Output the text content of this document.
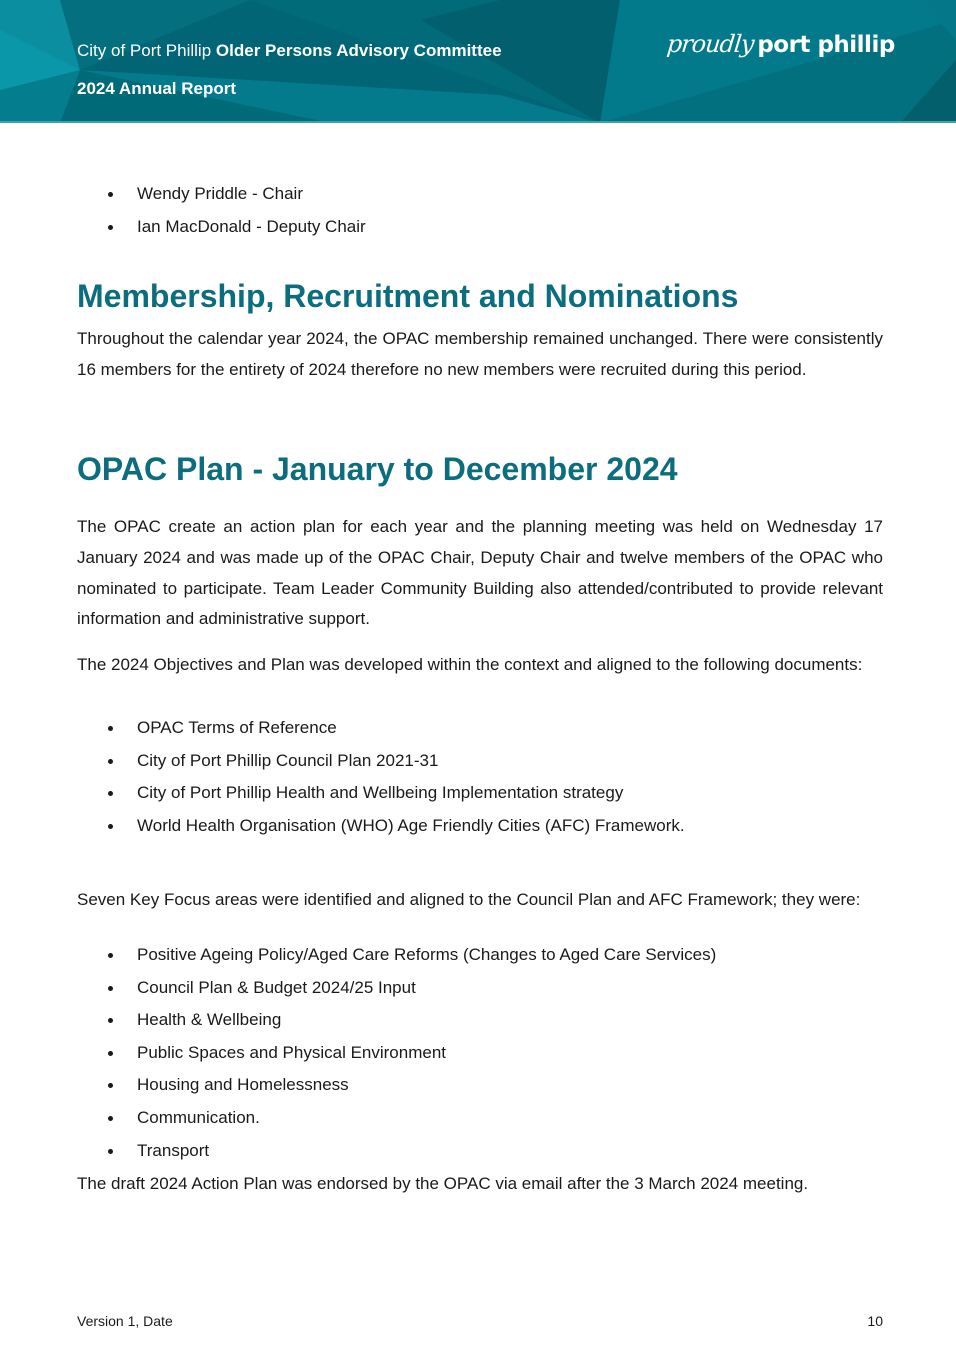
City of Port Phillip Older Persons Advisory Committee
2024 Annual Report
proudly port phillip
Wendy Priddle - Chair
Ian MacDonald - Deputy Chair
Membership, Recruitment and Nominations

Throughout the calendar year 2024, the OPAC membership remained unchanged. There were consistently 16 members for the entirety of 2024 therefore no new members were recruited during this period.

OPAC Plan - January to December 2024

The OPAC create an action plan for each year and the planning meeting was held on Wednesday 17 January 2024 and was made up of the OPAC Chair, Deputy Chair and twelve members of the OPAC who nominated to participate. Team Leader Community Building also attended/contributed to provide relevant information and administrative support.

The 2024 Objectives and Plan was developed within the context and aligned to the following documents:

OPAC Terms of Reference
City of Port Phillip Council Plan 2021-31
City of Port Phillip Health and Wellbeing Implementation strategy
World Health Organisation (WHO) Age Friendly Cities (AFC) Framework.

Seven Key Focus areas were identified and aligned to the Council Plan and AFC Framework; they were:

Positive Ageing Policy/Aged Care Reforms (Changes to Aged Care Services)
Council Plan & Budget 2024/25 Input
Health & Wellbeing
Public Spaces and Physical Environment
Housing and Homelessness
Communication.
Transport

The draft 2024 Action Plan was endorsed by the OPAC via email after the 3 March 2024 meeting.

Version 1, Date	10
